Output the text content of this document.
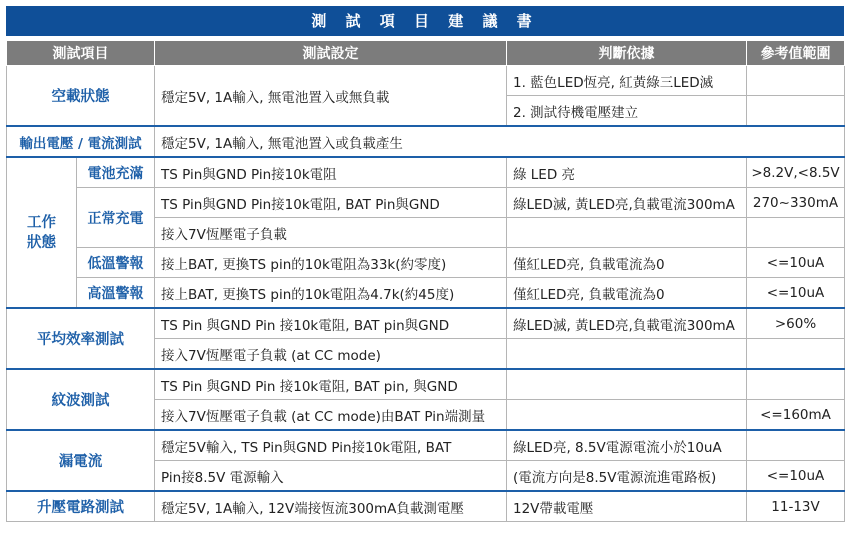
測 試 項 目 建 議 書
測試項目		測試設定	判斷依據	參考值範圍
空載狀態		穩定5V, 1A輸入, 無電池置入或無負載	1. 藍色LED恆亮, 紅黃綠三LED滅	
			2. 測試待機電壓建立	
輸出電壓 / 電流測試		穩定5V, 1A輸入, 無電池置入或負載產生		
工作
狀態	電池充滿	TS Pin與GND Pin接10k電阻	綠 LED 亮	>8.2V,<8.5V
	正常充電	TS Pin與GND Pin接10k電阻, BAT Pin與GND	綠LED滅, 黃LED亮,負載電流300mA	270~330mA
		接入7V恆壓電子負載		
	低溫警報	接上BAT, 更換TS pin的10k電阻為33k(約零度)	僅紅LED亮, 負載電流為0	<=10uA
	高溫警報	接上BAT, 更換TS pin的10k電阻為4.7k(約45度)	僅紅LED亮, 負載電流為0	<=10uA
平均效率測試		TS Pin 與GND Pin 接10k電阻, BAT pin與GND	綠LED滅, 黃LED亮,負載電流300mA	>60%
		接入7V恆壓電子負載 (at CC mode)		
紋波測試		TS Pin 與GND Pin 接10k電阻, BAT pin, 與GND		
		接入7V恆壓電子負載 (at CC mode)由BAT Pin端測量		<=160mA
漏電流		穩定5V輸入, TS Pin與GND Pin接10k電阻, BAT	綠LED亮, 8.5V電源電流小於10uA	
		Pin接8.5V 電源輸入	(電流方向是8.5V電源流進電路板)	<=10uA
升壓電路測試		穩定5V, 1A輸入, 12V端接恆流300mA負載測電壓	12V帶載電壓	11-13V
